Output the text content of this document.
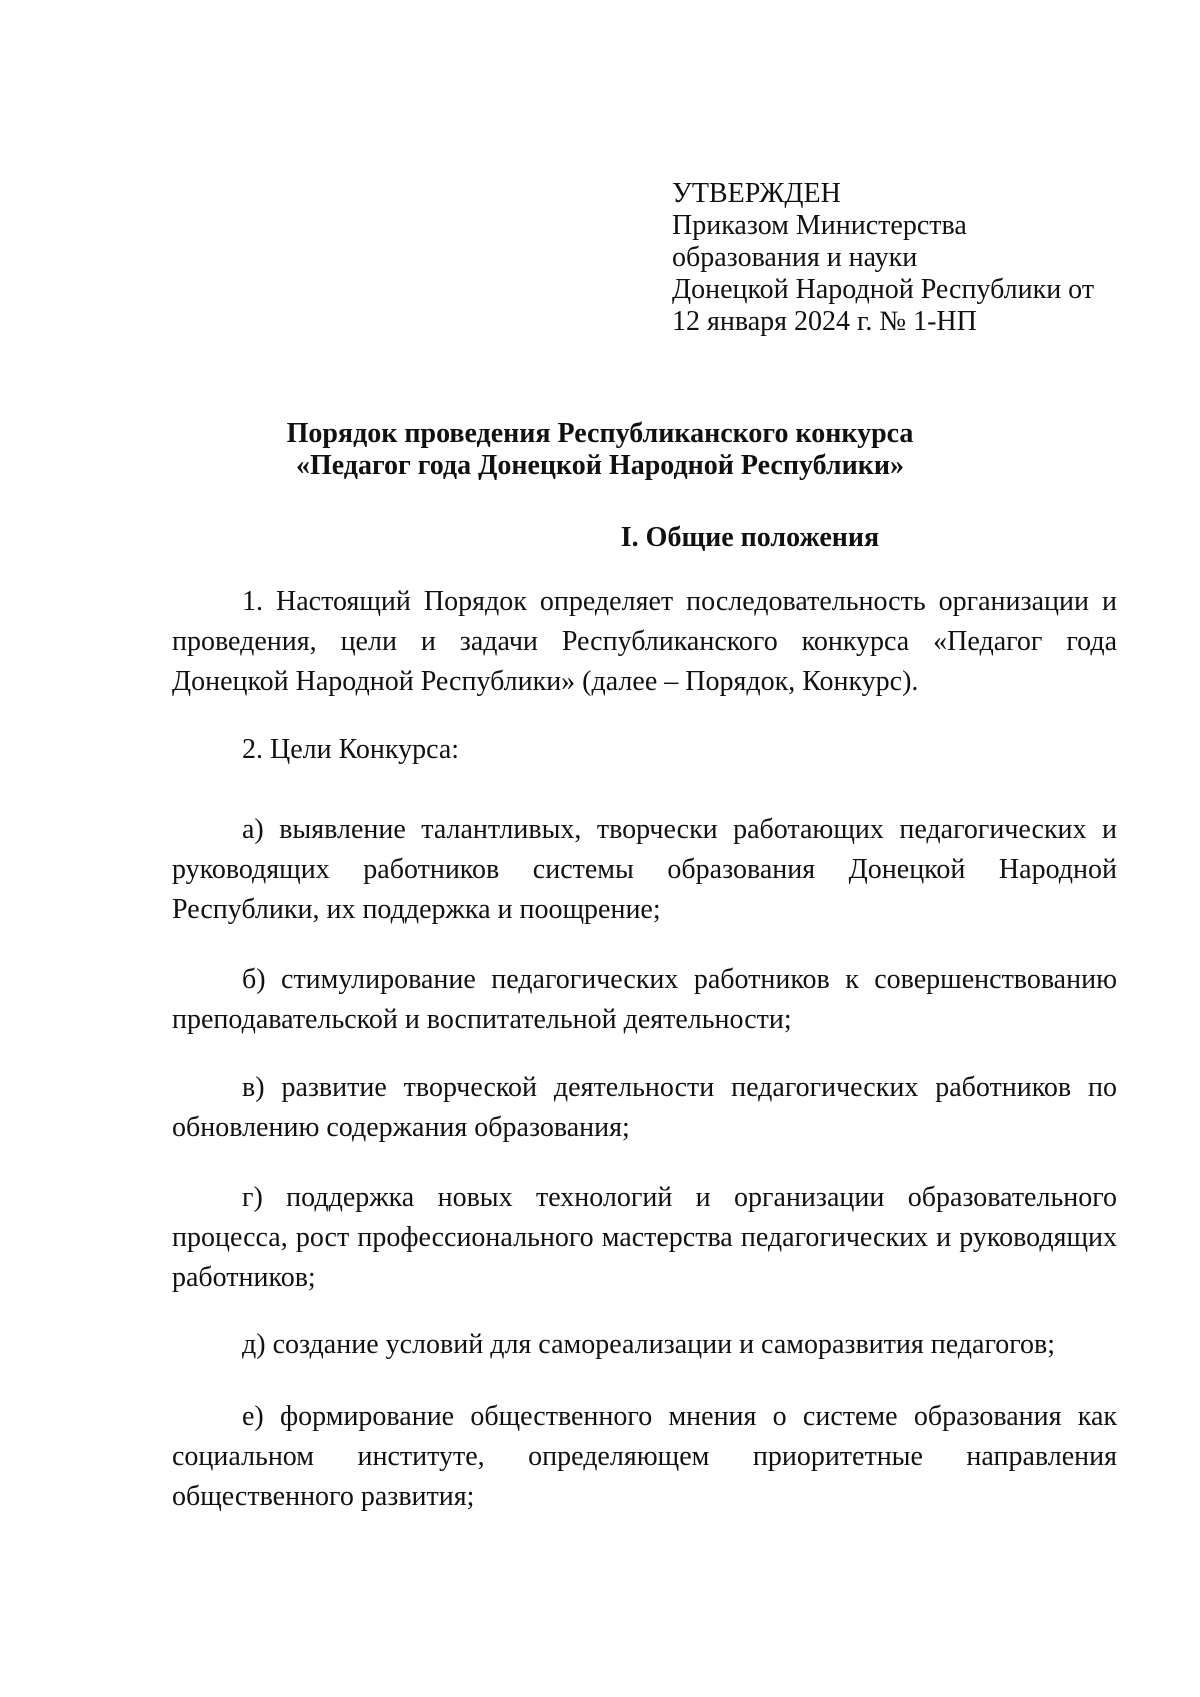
УТВЕРЖДЕН
Приказом Министерства
образования и науки
Донецкой Народной Республики от
12 января 2024 г. № 1-НП
Порядок проведения Республиканского конкурса
«Педагог года Донецкой Народной Республики»
I. Общие положения

1. Настоящий Порядок определяет последовательность организации и проведения, цели и задачи Республиканского конкурса «Педагог года Донецкой Народной Республики» (далее – Порядок, Конкурс).

2. Цели Конкурса:

а) выявление талантливых, творчески работающих педагогических и руководящих работников системы образования Донецкой Народной Республики, их поддержка и поощрение;

б) стимулирование педагогических работников к совершенствованию преподавательской и воспитательной деятельности;

в) развитие творческой деятельности педагогических работников по обновлению содержания образования;

г) поддержка новых технологий и организации образовательного процесса, рост профессионального мастерства педагогических и руководящих работников;

д) создание условий для самореализации и саморазвития педагогов;

е) формирование общественного мнения о системе образования как социальном институте, определяющем приоритетные направления общественного развития;
